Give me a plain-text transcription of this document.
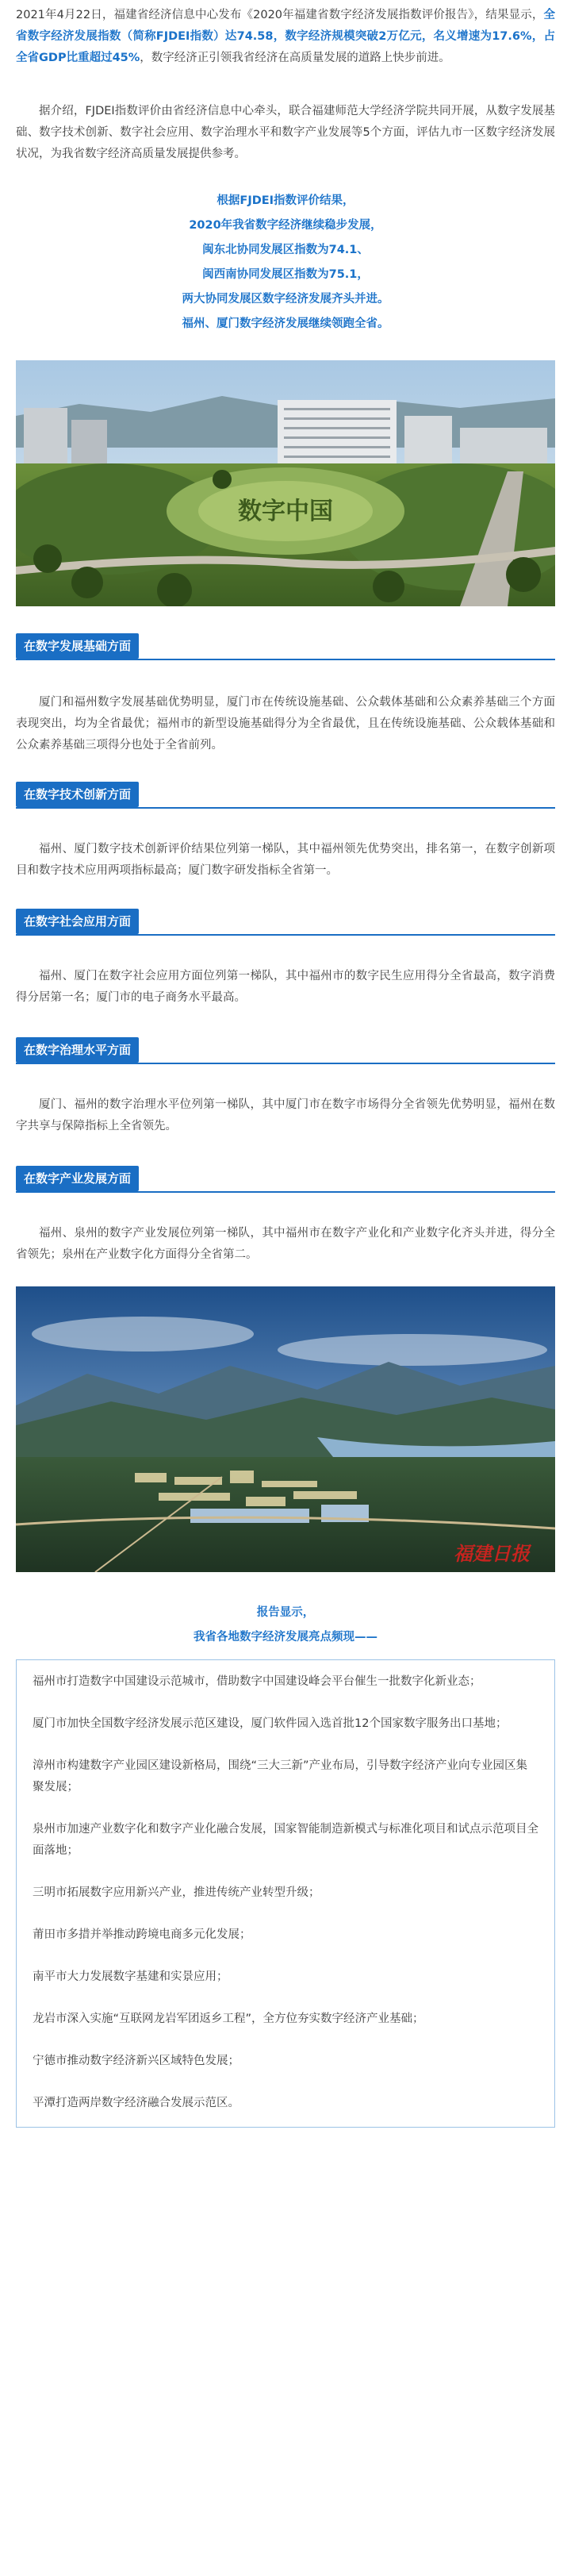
2021年4月22日，福建省经济信息中心发布《2020年福建省数字经济发展指数评价报告》，结果显示，全省数字经济发展指数（简称FJDEI指数）达74.58，数字经济规模突破2万亿元，名义增速为17.6%，占全省GDP比重超过45%，数字经济正引领我省经济在高质量发展的道路上快步前进。
据介绍，FJDEI指数评价由省经济信息中心牵头，联合福建师范大学经济学院共同开展，从数字发展基础、数字技术创新、数字社会应用、数字治理水平和数字产业发展等5个方面，评估九市一区数字经济发展状况，为我省数字经济高质量发展提供参考。
根据FJDEI指数评价结果，
2020年我省数字经济继续稳步发展，
闽东北协同发展区指数为74.1、
闽西南协同发展区指数为75.1，
两大协同发展区数字经济发展齐头并进。
福州、厦门数字经济发展继续领跑全省。
数字中国
在数字发展基础方面
厦门和福州数字发展基础优势明显，厦门市在传统设施基础、公众载体基础和公众素养基础三个方面表现突出，均为全省最优；福州市的新型设施基础得分为全省最优，且在传统设施基础、公众载体基础和公众素养基础三项得分也处于全省前列。
在数字技术创新方面
福州、厦门数字技术创新评价结果位列第一梯队，其中福州领先优势突出，排名第一，在数字创新项目和数字技术应用两项指标最高；厦门数字研发指标全省第一。
在数字社会应用方面
福州、厦门在数字社会应用方面位列第一梯队，其中福州市的数字民生应用得分全省最高，数字消费得分居第一名；厦门市的电子商务水平最高。
在数字治理水平方面
厦门、福州的数字治理水平位列第一梯队，其中厦门市在数字市场得分全省领先优势明显，福州在数字共享与保障指标上全省领先。
在数字产业发展方面
福州、泉州的数字产业发展位列第一梯队，其中福州市在数字产业化和产业数字化齐头并进，得分全省领先；泉州在产业数字化方面得分全省第二。
福建日报
报告显示，
我省各地数字经济发展亮点频现——
福州市打造数字中国建设示范城市，借助数字中国建设峰会平台催生一批数字化新业态；
厦门市加快全国数字经济发展示范区建设，厦门软件园入选首批12个国家数字服务出口基地；
漳州市构建数字产业园区建设新格局，围绕“三大三新”产业布局，引导数字经济产业向专业园区集聚发展；
泉州市加速产业数字化和数字产业化融合发展，国家智能制造新模式与标准化项目和试点示范项目全面落地；
三明市拓展数字应用新兴产业，推进传统产业转型升级；
莆田市多措并举推动跨境电商多元化发展；
南平市大力发展数字基建和实景应用；
龙岩市深入实施“互联网龙岩军团返乡工程”，全方位夯实数字经济产业基础；
宁德市推动数字经济新兴区域特色发展；
平潭打造两岸数字经济融合发展示范区。
